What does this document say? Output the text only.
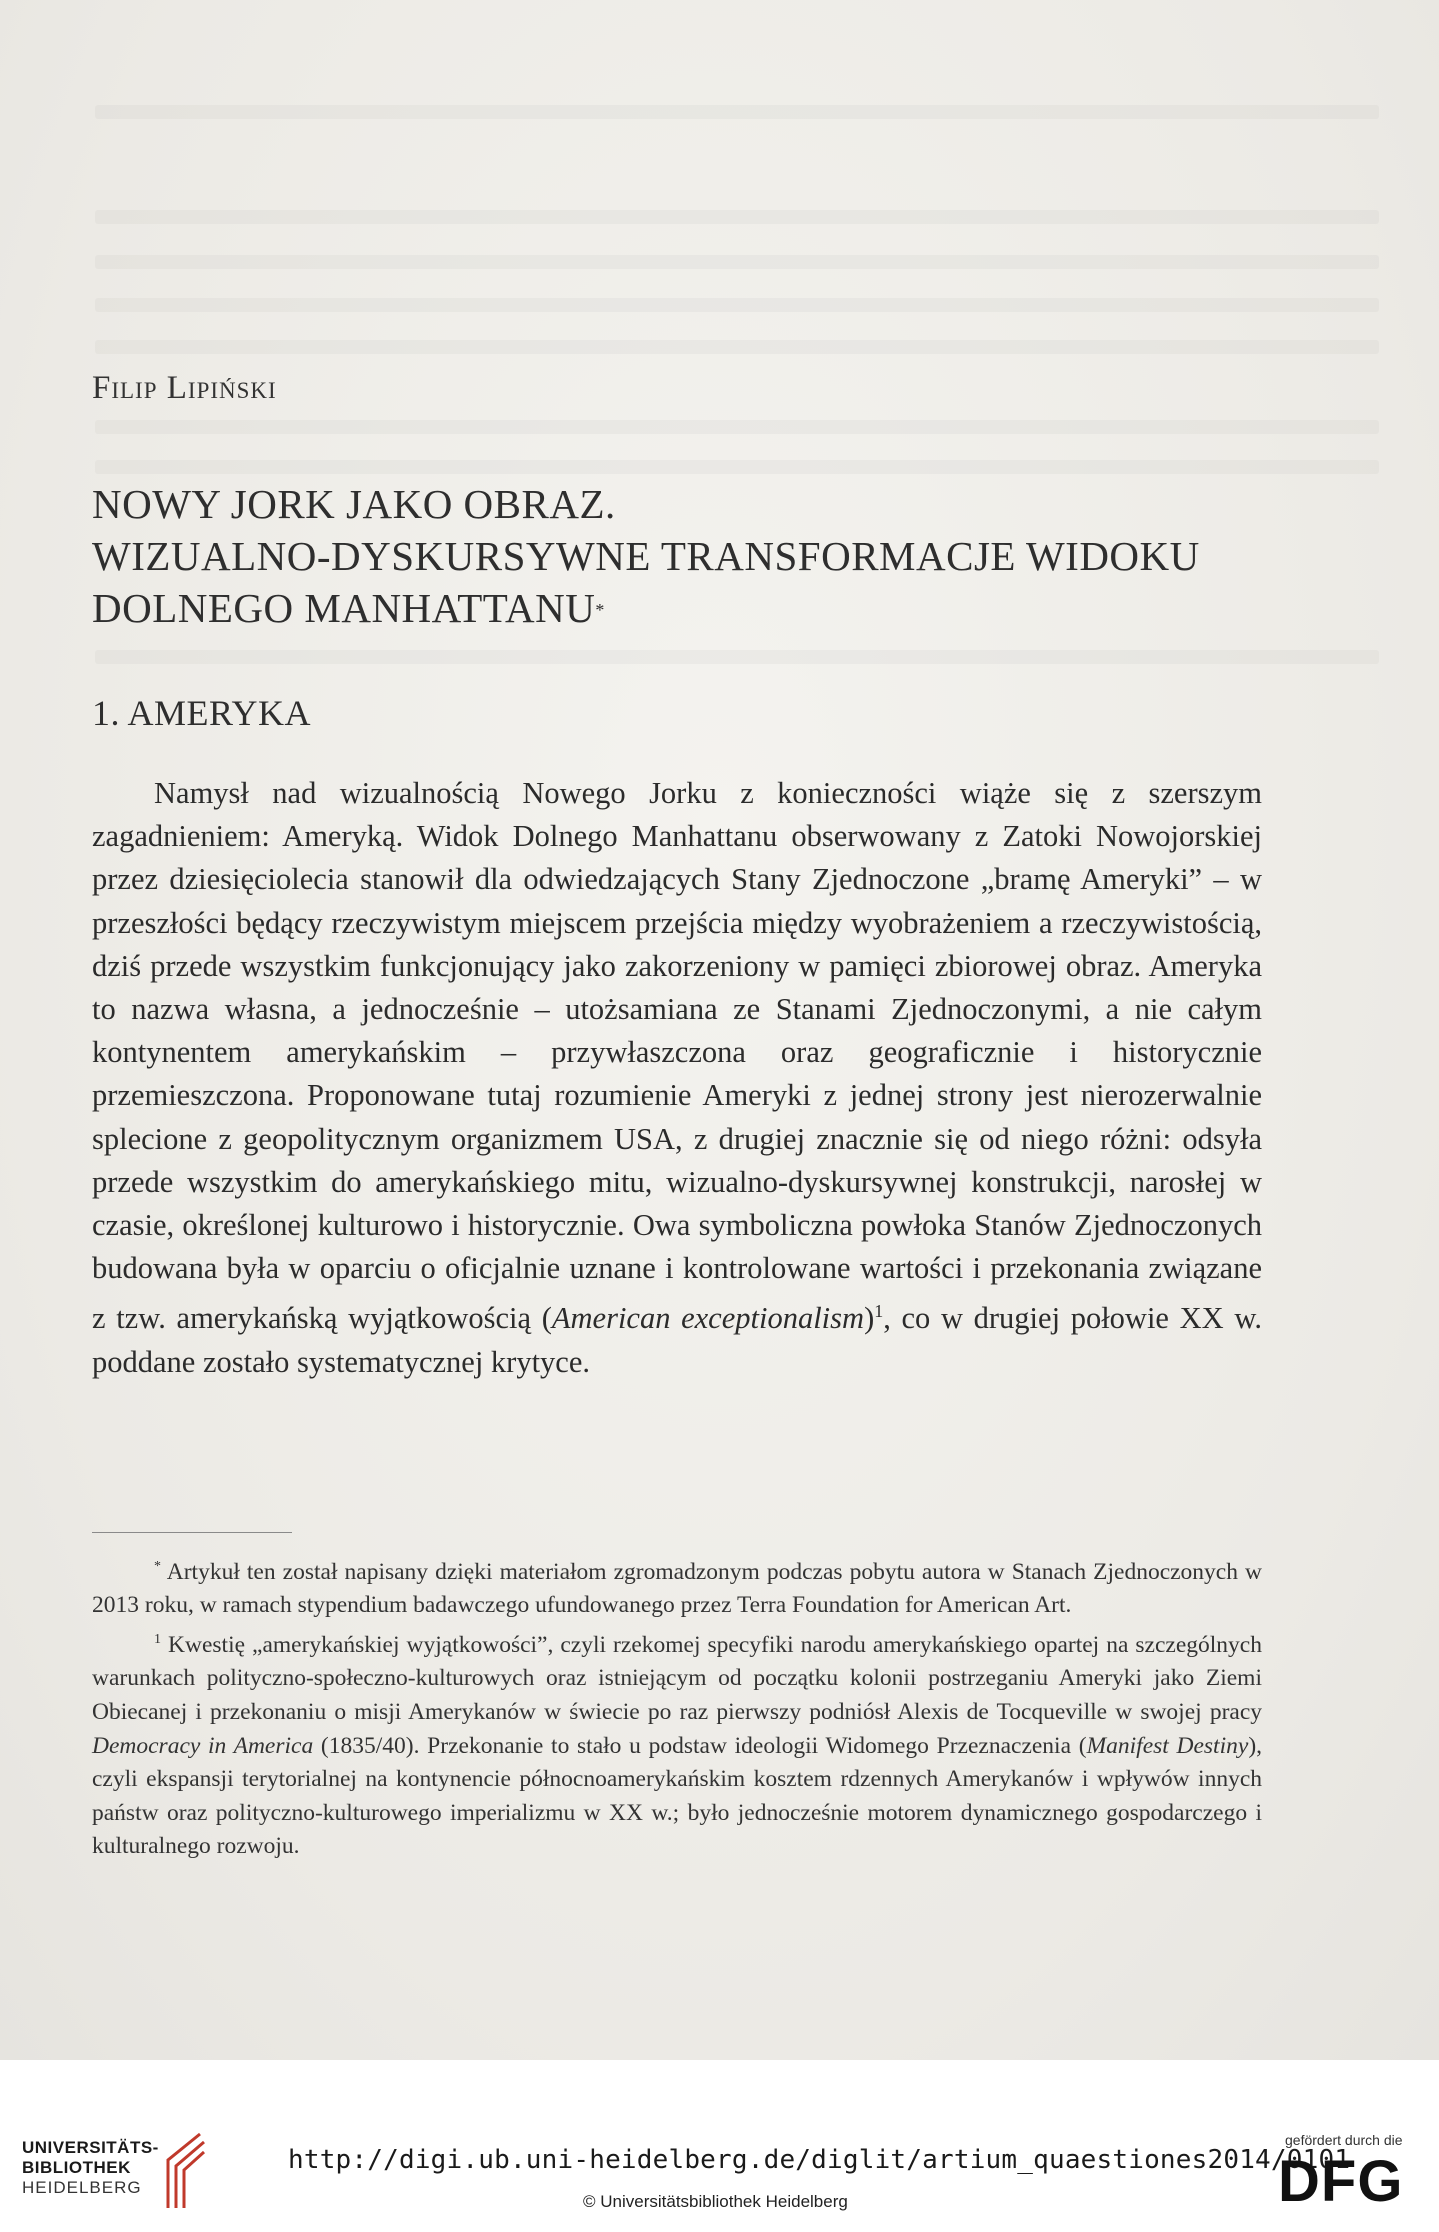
Filip Lipiński
NOWY JORK JAKO OBRAZ.
WIZUALNO-DYSKURSYWNE TRANSFORMACJE WIDOKU
DOLNEGO MANHATTANU*
1. AMERYKA

Namysł nad wizualnością Nowego Jorku z konieczności wiąże się z szerszym zagadnieniem: Ameryką. Widok Dolnego Manhattanu obserwowany z Zatoki Nowojorskiej przez dziesięciolecia stanowił dla odwiedzających Stany Zjednoczone „bramę Ameryki” – w przeszłości będący rzeczywistym miejscem przejścia między wyobrażeniem a rzeczywistością, dziś przede wszystkim funkcjonujący jako zakorzeniony w pamięci zbiorowej obraz. Ameryka to nazwa własna, a jednocześnie – utożsamiana ze Stanami Zjednoczonymi, a nie całym kontynentem amerykańskim – przywłaszczona oraz geograficznie i historycznie przemieszczona. Proponowane tutaj rozumienie Ameryki z jednej strony jest nierozerwalnie splecione z geopolitycznym organizmem USA, z drugiej znacznie się od niego różni: odsyła przede wszystkim do amerykańskiego mitu, wizualno-dyskursywnej konstrukcji, narosłej w czasie, określonej kulturowo i historycznie. Owa symboliczna powłoka Stanów Zjednoczonych budowana była w oparciu o oficjalnie uznane i kontrolowane wartości i przekonania związane z tzw. amerykańską wyjątkowością (American exceptionalism)$^1$, co w drugiej połowie XX w. poddane zostało systematycznej krytyce.

* Artykuł ten został napisany dzięki materiałom zgromadzonym podczas pobytu autora w Stanach Zjednoczonych w 2013 roku, w ramach stypendium badawczego ufundowanego przez Terra Foundation for American Art.

$^1$ Kwestię „amerykańskiej wyjątkowości”, czyli rzekomej specyfiki narodu amerykańskiego opartej na szczególnych warunkach polityczno-społeczno-kulturowych oraz istniejącym od początku kolonii postrzeganiu Ameryki jako Ziemi Obiecanej i przekonaniu o misji Amerykanów w świecie po raz pierwszy podniósł Alexis de Tocqueville w swojej pracy Democracy in America (1835/40). Przekonanie to stało u podstaw ideologii Widomego Przeznaczenia (Manifest Destiny), czyli ekspansji terytorialnej na kontynencie północnoamerykańskim kosztem rdzennych Amerykanów i wpływów innych państw oraz polityczno-kulturowego imperializmu w XX w.; było jednocześnie motorem dynamicznego gospodarczego i kulturalnego rozwoju.

UNIVERSITÄTS-
BIBLIOTHEK
HEIDELBERG
http://digi.ub.uni-heidelberg.de/diglit/artium_quaestiones2014/0101
© Universitätsbibliothek Heidelberg
gefördert durch die
DFG
